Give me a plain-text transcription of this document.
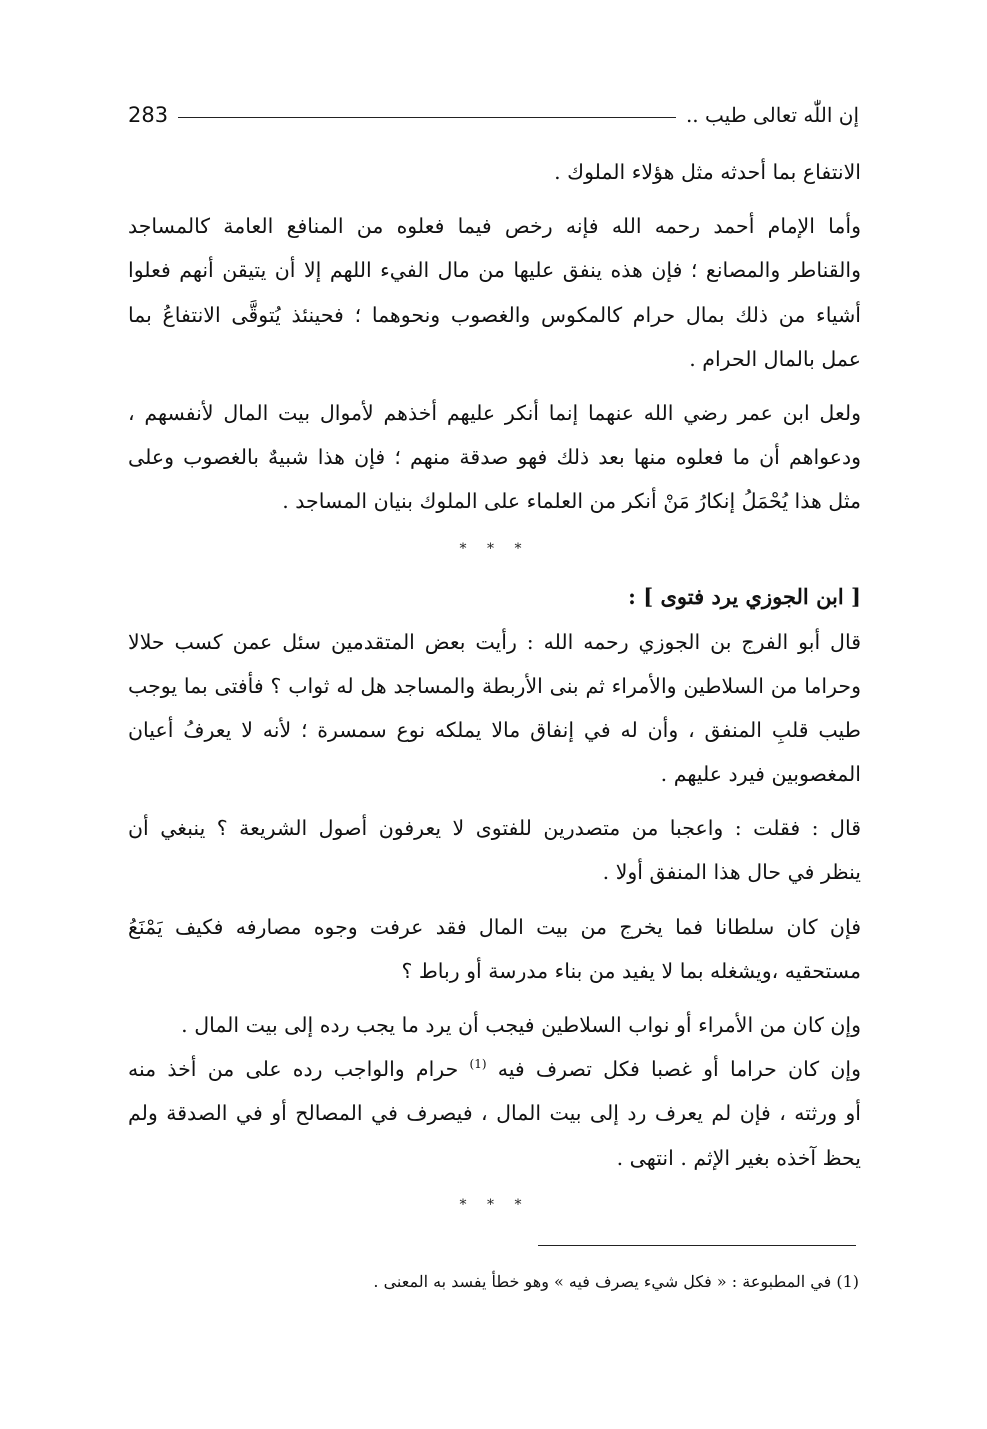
283	إن اللّٰه تعالى طيب ..
الانتفاع بما أحدثه مثل هؤلاء الملوك .
وأما الإمام أحمد رحمه الله فإنه رخص فيما فعلوه من المنافع العامة كالمساجد
والقناطر والمصانع ؛ فإن هذه ينفق عليها من مال الفيء اللهم إلا أن يتيقن أنهم فعلوا
أشياء من ذلك بمال حرام كالمكوس والغصوب ونحوهما ؛ فحينئذ يُتوقَّى الانتفاعُ بما
عمل بالمال الحرام .
ولعل ابن عمر رضي الله عنهما إنما أنكر عليهم أخذهم لأموال بيت المال لأنفسهم ،
ودعواهم أن ما فعلوه منها بعد ذلك فهو صدقة منهم ؛ فإن هذا شبيهٌ بالغصوب وعلى
مثل هذا يُحْمَلُ إنكارُ مَنْ أنكر من العلماء على الملوك بنيان المساجد .
* * *
[ ابن الجوزي يرد فتوى ] :
قال أبو الفرج بن الجوزي رحمه الله : رأيت بعض المتقدمين سئل عمن كسب حلالا
وحراما من السلاطين والأمراء ثم بنى الأربطة والمساجد هل له ثواب ؟ فأفتى بما يوجب
طيب قلبِ المنفق ، وأن له في إنفاق مالا يملكه نوع سمسرة ؛ لأنه لا يعرفُ أعيان
المغصوبين فيرد عليهم .
قال : فقلت : واعجبا من متصدرين للفتوى لا يعرفون أصول الشريعة ؟ ينبغي أن
ينظر في حال هذا المنفق أولا .
فإن كان سلطانا فما يخرج من بيت المال فقد عرفت وجوه مصارفه فكيف يَمْنَعُ
مستحقيه ،ويشغله بما لا يفيد من بناء مدرسة أو رباط ؟
وإن كان من الأمراء أو نواب السلاطين فيجب أن يرد ما يجب رده إلى بيت المال .
وإن كان حراما أو غصبا فكل تصرف فيه $^{(1)}$ حرام والواجب رده على من أخذ منه
أو ورثته ، فإن لم يعرف رد إلى بيت المال ، فيصرف في المصالح أو في الصدقة ولم
يحظ آخذه بغير الإثم . انتهى .
* * *
(1) في المطبوعة : « فكل شيء يصرف فيه » وهو خطأ يفسد به المعنى .
